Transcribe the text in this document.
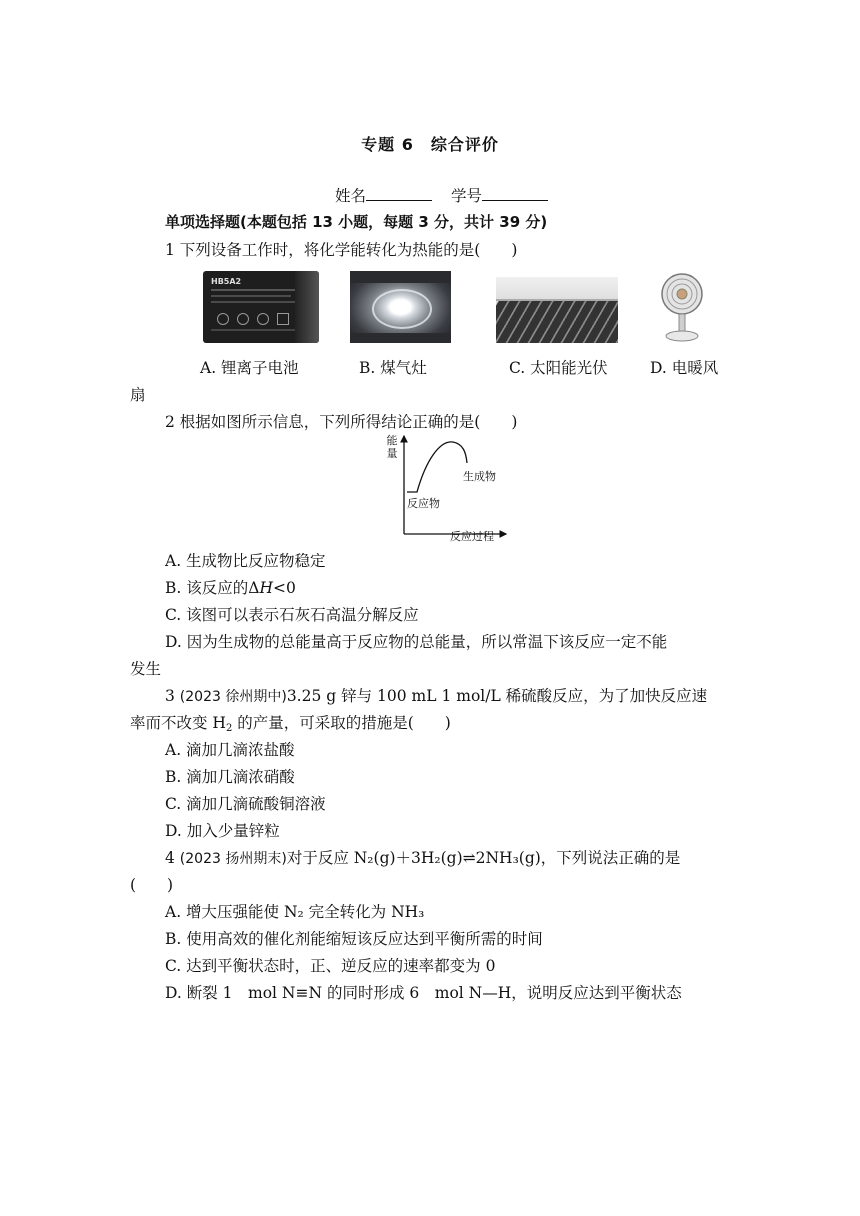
专题 6　综合评价
姓名	学号
单项选择题(本题包括 13 小题，每题 3 分，共计 39 分)
1 下列设备工作时，将化学能转化为热能的是(　　)
HB5A2
A. 锂离子电池	B. 煤气灶	C. 太阳能光伏	D. 电暖风
扇
2 根据如图所示信息，下列所得结论正确的是(　　)
能
量
反应物
生成物
反应过程
A. 生成物比反应物稳定
B. 该反应的ΔH<0
C. 该图可以表示石灰石高温分解反应
D. 因为生成物的总能量高于反应物的总能量，所以常温下该反应一定不能
发生
3 (2023 徐州期中)3.25 g 锌与 100 mL 1 mol/L 稀硫酸反应，为了加快反应速
率而不改变 $H_2$ 的产量，可采取的措施是(　　)
A. 滴加几滴浓盐酸
B. 滴加几滴浓硝酸
C. 滴加几滴硫酸铜溶液
D. 加入少量锌粒
4 (2023 扬州期末)对于反应 N₂(g)＋3H₂(g)⇌2NH₃(g)，下列说法正确的是
(　　)
A. 增大压强能使 N₂ 完全转化为 NH₃
B. 使用高效的催化剂能缩短该反应达到平衡所需的时间
C. 达到平衡状态时，正、逆反应的速率都变为 0
D. 断裂 1　mol N≡N 的同时形成 6　mol N—H，说明反应达到平衡状态
